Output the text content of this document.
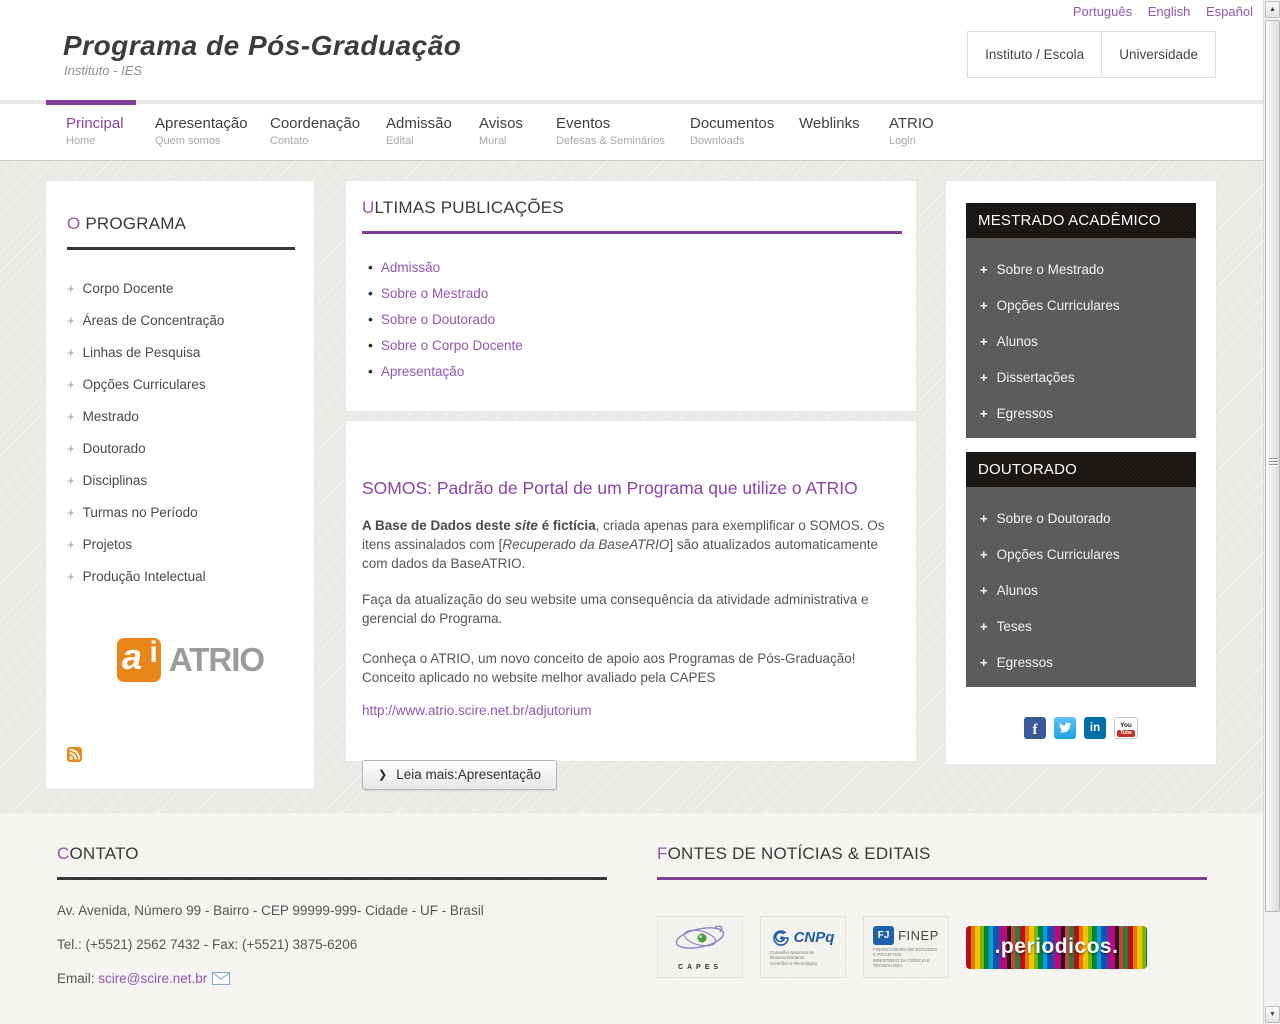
Português English Español
Programa de Pós-Graduação
Instituto - IES
Instituto / Escola	Universidade
Principal
Home
Apresentação
Quem somos
Coordenação
Contato
Admissão
Edital
Avisos
Mural
Eventos
Defesas & Seminários
Documentos
Downloads
Weblinks ATRIO
Login
O PROGRAMA
+ Corpo Docente
+ Áreas de Concentração
+ Linhas de Pesquisa
+ Opções Curriculares
+ Mestrado
+ Doutorado
+ Disciplinas
+ Turmas no Período
+ Projetos
+ Produção Intelectual
a i ATRIO
ULTIMAS PUBLICAÇÕES
• Admissão
• Sobre o Mestrado
• Sobre o Doutorado
• Sobre o Corpo Docente
• Apresentação
SOMOS: Padrão de Portal de um Programa que utilize o ATRIO

A Base de Dados deste site é fictícia, criada apenas para exemplificar o SOMOS. Os itens assinalados com [Recuperado da BaseATRIO] são atualizados automaticamente com dados da BaseATRIO.

Faça da atualização do seu website uma consequência da atividade administrativa e gerencial do Programa.

Conheça o ATRIO, um novo conceito de apoio aos Programas de Pós-Graduação! Conceito aplicado no website melhor avaliado pela CAPES

http://www.atrio.scire.net.br/adjutorium

❯ Leia mais:Apresentação
MESTRADO ACADÊMICO
+ Sobre o Mestrado
+ Opções Curriculares
+ Alunos
+ Dissertações
+ Egressos
DOUTORADO
+ Sobre o Doutorado
+ Opções Curriculares
+ Alunos
+ Teses
+ Egressos
f	in	You
Tube
CONTATO
Av. Avenida, Número 99 - Bairro - CEP 99999-999- Cidade - UF - Brasil
Tel.: (+5521) 2562 7432 - Fax: (+5521) 3875-6206
Email: scire@scire.net.br
FONTES DE NOTÍCIAS & EDITAIS
CAPES
CNPq
Conselho Nacional de Desenvolvimento
Científico e Tecnológico
FJ FINEP
FINANCIADORA DE ESTUDOS E PROJETOS
MINISTÉRIO DA CIÊNCIA E TECNOLOGIA
.periodicos.
▲
▼
